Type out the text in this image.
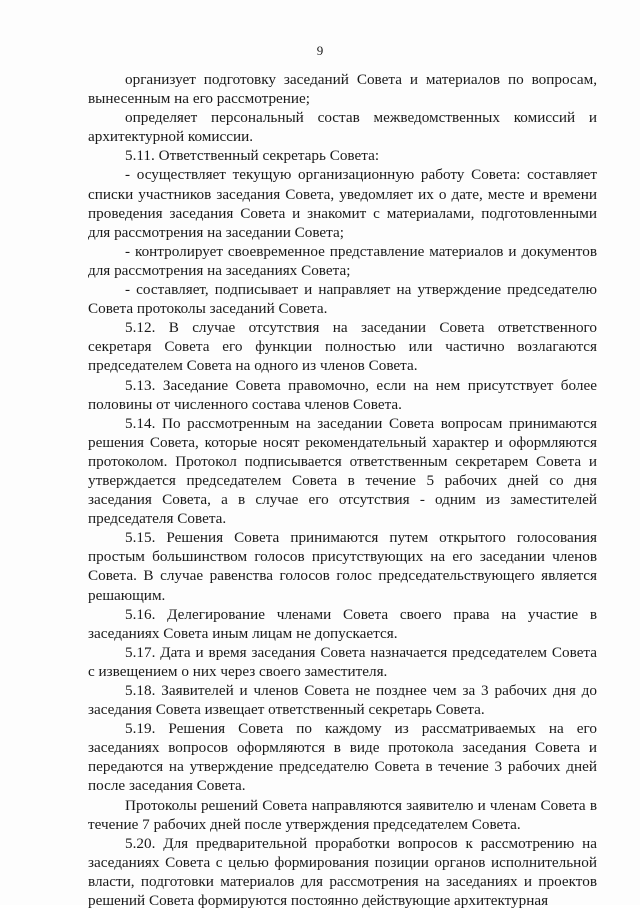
9

организует подготовку заседаний Совета и материалов по вопросам, вынесенным на его рассмотрение;

определяет персональный состав межведомственных комиссий и архитектурной комиссии.

5.11. Ответственный секретарь Совета:

- осуществляет текущую организационную работу Совета: составляет списки участников заседания Совета, уведомляет их о дате, месте и времени проведения заседания Совета и знакомит с материалами, подготовленными для рассмотрения на заседании Совета;

- контролирует своевременное представление материалов и документов для рассмотрения на заседаниях Совета;

- составляет, подписывает и направляет на утверждение председателю Совета протоколы заседаний Совета.

5.12. В случае отсутствия на заседании Совета ответственного секретаря Совета его функции полностью или частично возлагаются председателем Совета на одного из членов Совета.

5.13. Заседание Совета правомочно, если на нем присутствует более половины от численного состава членов Совета.

5.14. По рассмотренным на заседании Совета вопросам принимаются решения Совета, которые носят рекомендательный характер и оформляются протоколом. Протокол подписывается ответственным секретарем Совета и утверждается председателем Совета в течение 5 рабочих дней со дня заседания Совета, а в случае его отсутствия - одним из заместителей председателя Совета.

5.15. Решения Совета принимаются путем открытого голосования простым большинством голосов присутствующих на его заседании членов Совета. В случае равенства голосов голос председательствующего является решающим.

5.16. Делегирование членами Совета своего права на участие в заседаниях Совета иным лицам не допускается.

5.17. Дата и время заседания Совета назначается председателем Совета с извещением о них через своего заместителя.

5.18. Заявителей и членов Совета не позднее чем за 3 рабочих дня до заседания Совета извещает ответственный секретарь Совета.

5.19. Решения Совета по каждому из рассматриваемых на его заседаниях вопросов оформляются в виде протокола заседания Совета и передаются на утверждение председателю Совета в течение 3 рабочих дней после заседания Совета.

Протоколы решений Совета направляются заявителю и членам Совета в течение 7 рабочих дней после утверждения председателем Совета.

5.20. Для предварительной проработки вопросов к рассмотрению на заседаниях Совета с целью формирования позиции органов исполнительной власти, подготовки материалов для рассмотрения на заседаниях и проектов решений Совета формируются постоянно действующие архитектурная
